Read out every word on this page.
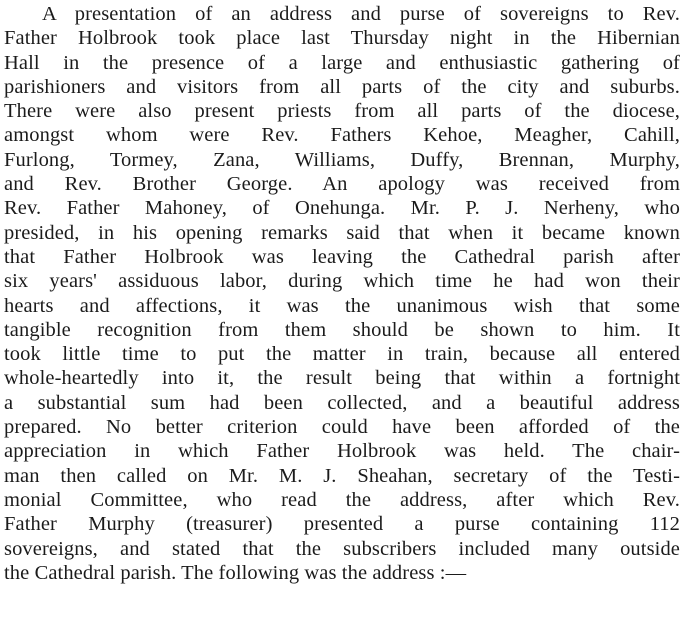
A presentation of an address and purse of sovereigns to Rev.
Father Holbrook took place last Thursday night in the Hibernian
Hall in the presence of a large and enthusiastic gathering of
parishioners and visitors from all parts of the city and suburbs.
There were also present priests from all parts of the diocese,
amongst whom were Rev. Fathers Kehoe, Meagher, Cahill,
Furlong, Tormey, Zana, Williams, Duffy, Brennan, Murphy,
and Rev. Brother George. An apology was received from
Rev. Father Mahoney, of Onehunga. Mr. P. J. Nerheny, who
presided, in his opening remarks said that when it became known
that Father Holbrook was leaving the Cathedral parish after
six years' assiduous labor, during which time he had won their
hearts and affections, it was the unanimous wish that some
tangible recognition from them should be shown to him. It
took little time to put the matter in train, because all entered
whole-heartedly into it, the result being that within a fortnight
a substantial sum had been collected, and a beautiful address
prepared. No better criterion could have been afforded of the
appreciation in which Father Holbrook was held. The chair-
man then called on Mr. M. J. Sheahan, secretary of the Testi-
monial Committee, who read the address, after which Rev.
Father Murphy (treasurer) presented a purse containing 112
sovereigns, and stated that the subscribers included many outside
the Cathedral parish. The following was the address :—
